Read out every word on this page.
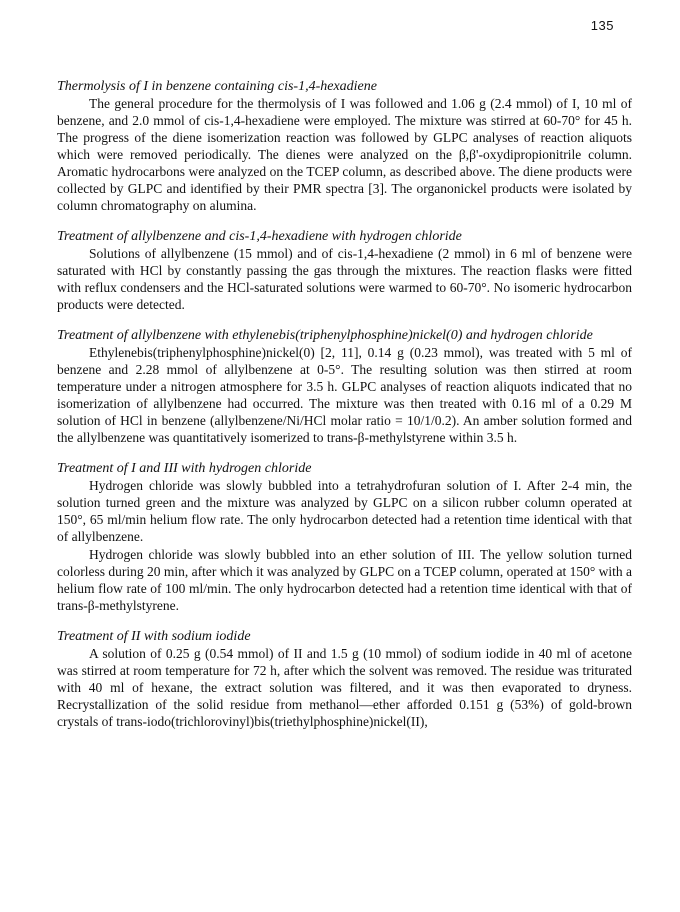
135

Thermolysis of I in benzene containing cis-1,4-hexadiene

The general procedure for the thermolysis of I was followed and 1.06 g (2.4 mmol) of I, 10 ml of benzene, and 2.0 mmol of cis-1,4-hexadiene were employed. The mixture was stirred at 60-70° for 45 h. The progress of the diene isomerization reaction was followed by GLPC analyses of reaction aliquots which were removed periodically. The dienes were analyzed on the β,β'-oxydipropionitrile column. Aromatic hydrocarbons were analyzed on the TCEP column, as described above. The diene products were collected by GLPC and identified by their PMR spectra [3]. The organonickel products were isolated by column chromatography on alumina.

Treatment of allylbenzene and cis-1,4-hexadiene with hydrogen chloride

Solutions of allylbenzene (15 mmol) and of cis-1,4-hexadiene (2 mmol) in 6 ml of benzene were saturated with HCl by constantly passing the gas through the mixtures. The reaction flasks were fitted with reflux condensers and the HCl-saturated solutions were warmed to 60-70°. No isomeric hydrocarbon products were detected.

Treatment of allylbenzene with ethylenebis(triphenylphosphine)nickel(0) and hydrogen chloride

Ethylenebis(triphenylphosphine)nickel(0) [2, 11], 0.14 g (0.23 mmol), was treated with 5 ml of benzene and 2.28 mmol of allylbenzene at 0-5°. The resulting solution was then stirred at room temperature under a nitrogen atmosphere for 3.5 h. GLPC analyses of reaction aliquots indicated that no isomerization of allylbenzene had occurred. The mixture was then treated with 0.16 ml of a 0.29 M solution of HCl in benzene (allylbenzene/Ni/HCl molar ratio = 10/1/0.2). An amber solution formed and the allylbenzene was quantitatively isomerized to trans-β-methylstyrene within 3.5 h.

Treatment of I and III with hydrogen chloride

Hydrogen chloride was slowly bubbled into a tetrahydrofuran solution of I. After 2-4 min, the solution turned green and the mixture was analyzed by GLPC on a silicon rubber column operated at 150°, 65 ml/min helium flow rate. The only hydrocarbon detected had a retention time identical with that of allylbenzene.

Hydrogen chloride was slowly bubbled into an ether solution of III. The yellow solution turned colorless during 20 min, after which it was analyzed by GLPC on a TCEP column, operated at 150° with a helium flow rate of 100 ml/min. The only hydrocarbon detected had a retention time identical with that of trans-β-methylstyrene.

Treatment of II with sodium iodide

A solution of 0.25 g (0.54 mmol) of II and 1.5 g (10 mmol) of sodium iodide in 40 ml of acetone was stirred at room temperature for 72 h, after which the solvent was removed. The residue was triturated with 40 ml of hexane, the extract solution was filtered, and it was then evaporated to dryness. Recrystallization of the solid residue from methanol—ether afforded 0.151 g (53%) of gold-brown crystals of trans-iodo(trichlorovinyl)bis(triethylphosphine)nickel(II),
